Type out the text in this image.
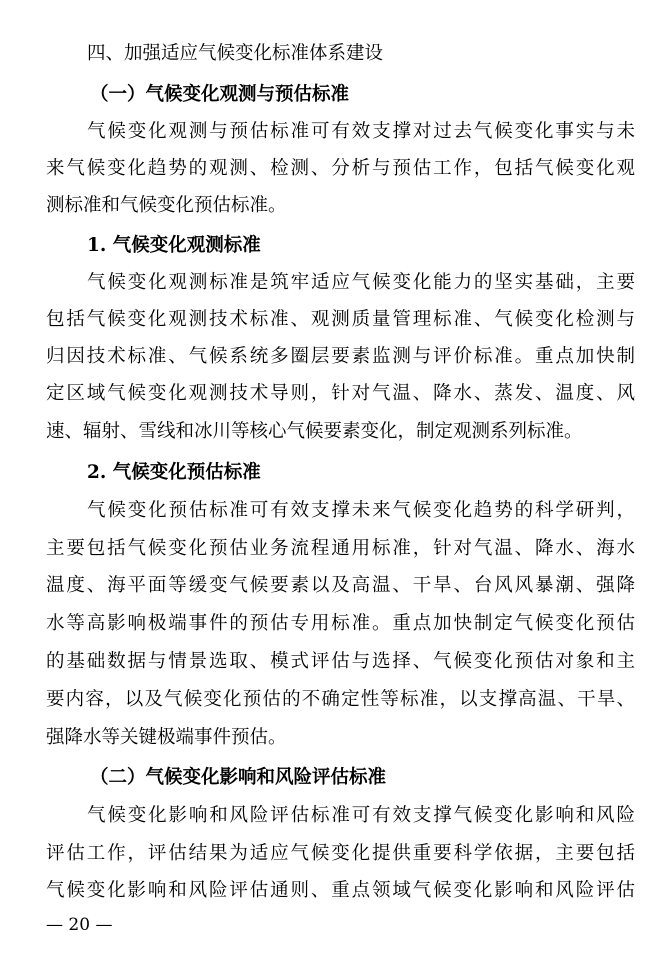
四、加强适应气候变化标准体系建设
（一）气候变化观测与预估标准
气候变化观测与预估标准可有效支撑对过去气候变化事实与未
来气候变化趋势的观测、检测、分析与预估工作，包括气候变化观
测标准和气候变化预估标准。
1. 气候变化观测标准
气候变化观测标准是筑牢适应气候变化能力的坚实基础，主要
包括气候变化观测技术标准、观测质量管理标准、气候变化检测与
归因技术标准、气候系统多圈层要素监测与评价标准。重点加快制
定区域气候变化观测技术导则，针对气温、降水、蒸发、温度、风
速、辐射、雪线和冰川等核心气候要素变化，制定观测系列标准。
2. 气候变化预估标准
气候变化预估标准可有效支撑未来气候变化趋势的科学研判，
主要包括气候变化预估业务流程通用标准，针对气温、降水、海水
温度、海平面等缓变气候要素以及高温、干旱、台风风暴潮、强降
水等高影响极端事件的预估专用标准。重点加快制定气候变化预估
的基础数据与情景选取、模式评估与选择、气候变化预估对象和主
要内容，以及气候变化预估的不确定性等标准，以支撑高温、干旱、
强降水等关键极端事件预估。
（二）气候变化影响和风险评估标准
气候变化影响和风险评估标准可有效支撑气候变化影响和风险
评估工作，评估结果为适应气候变化提供重要科学依据，主要包括
气候变化影响和风险评估通则、重点领域气候变化影响和风险评估
— 20 —
